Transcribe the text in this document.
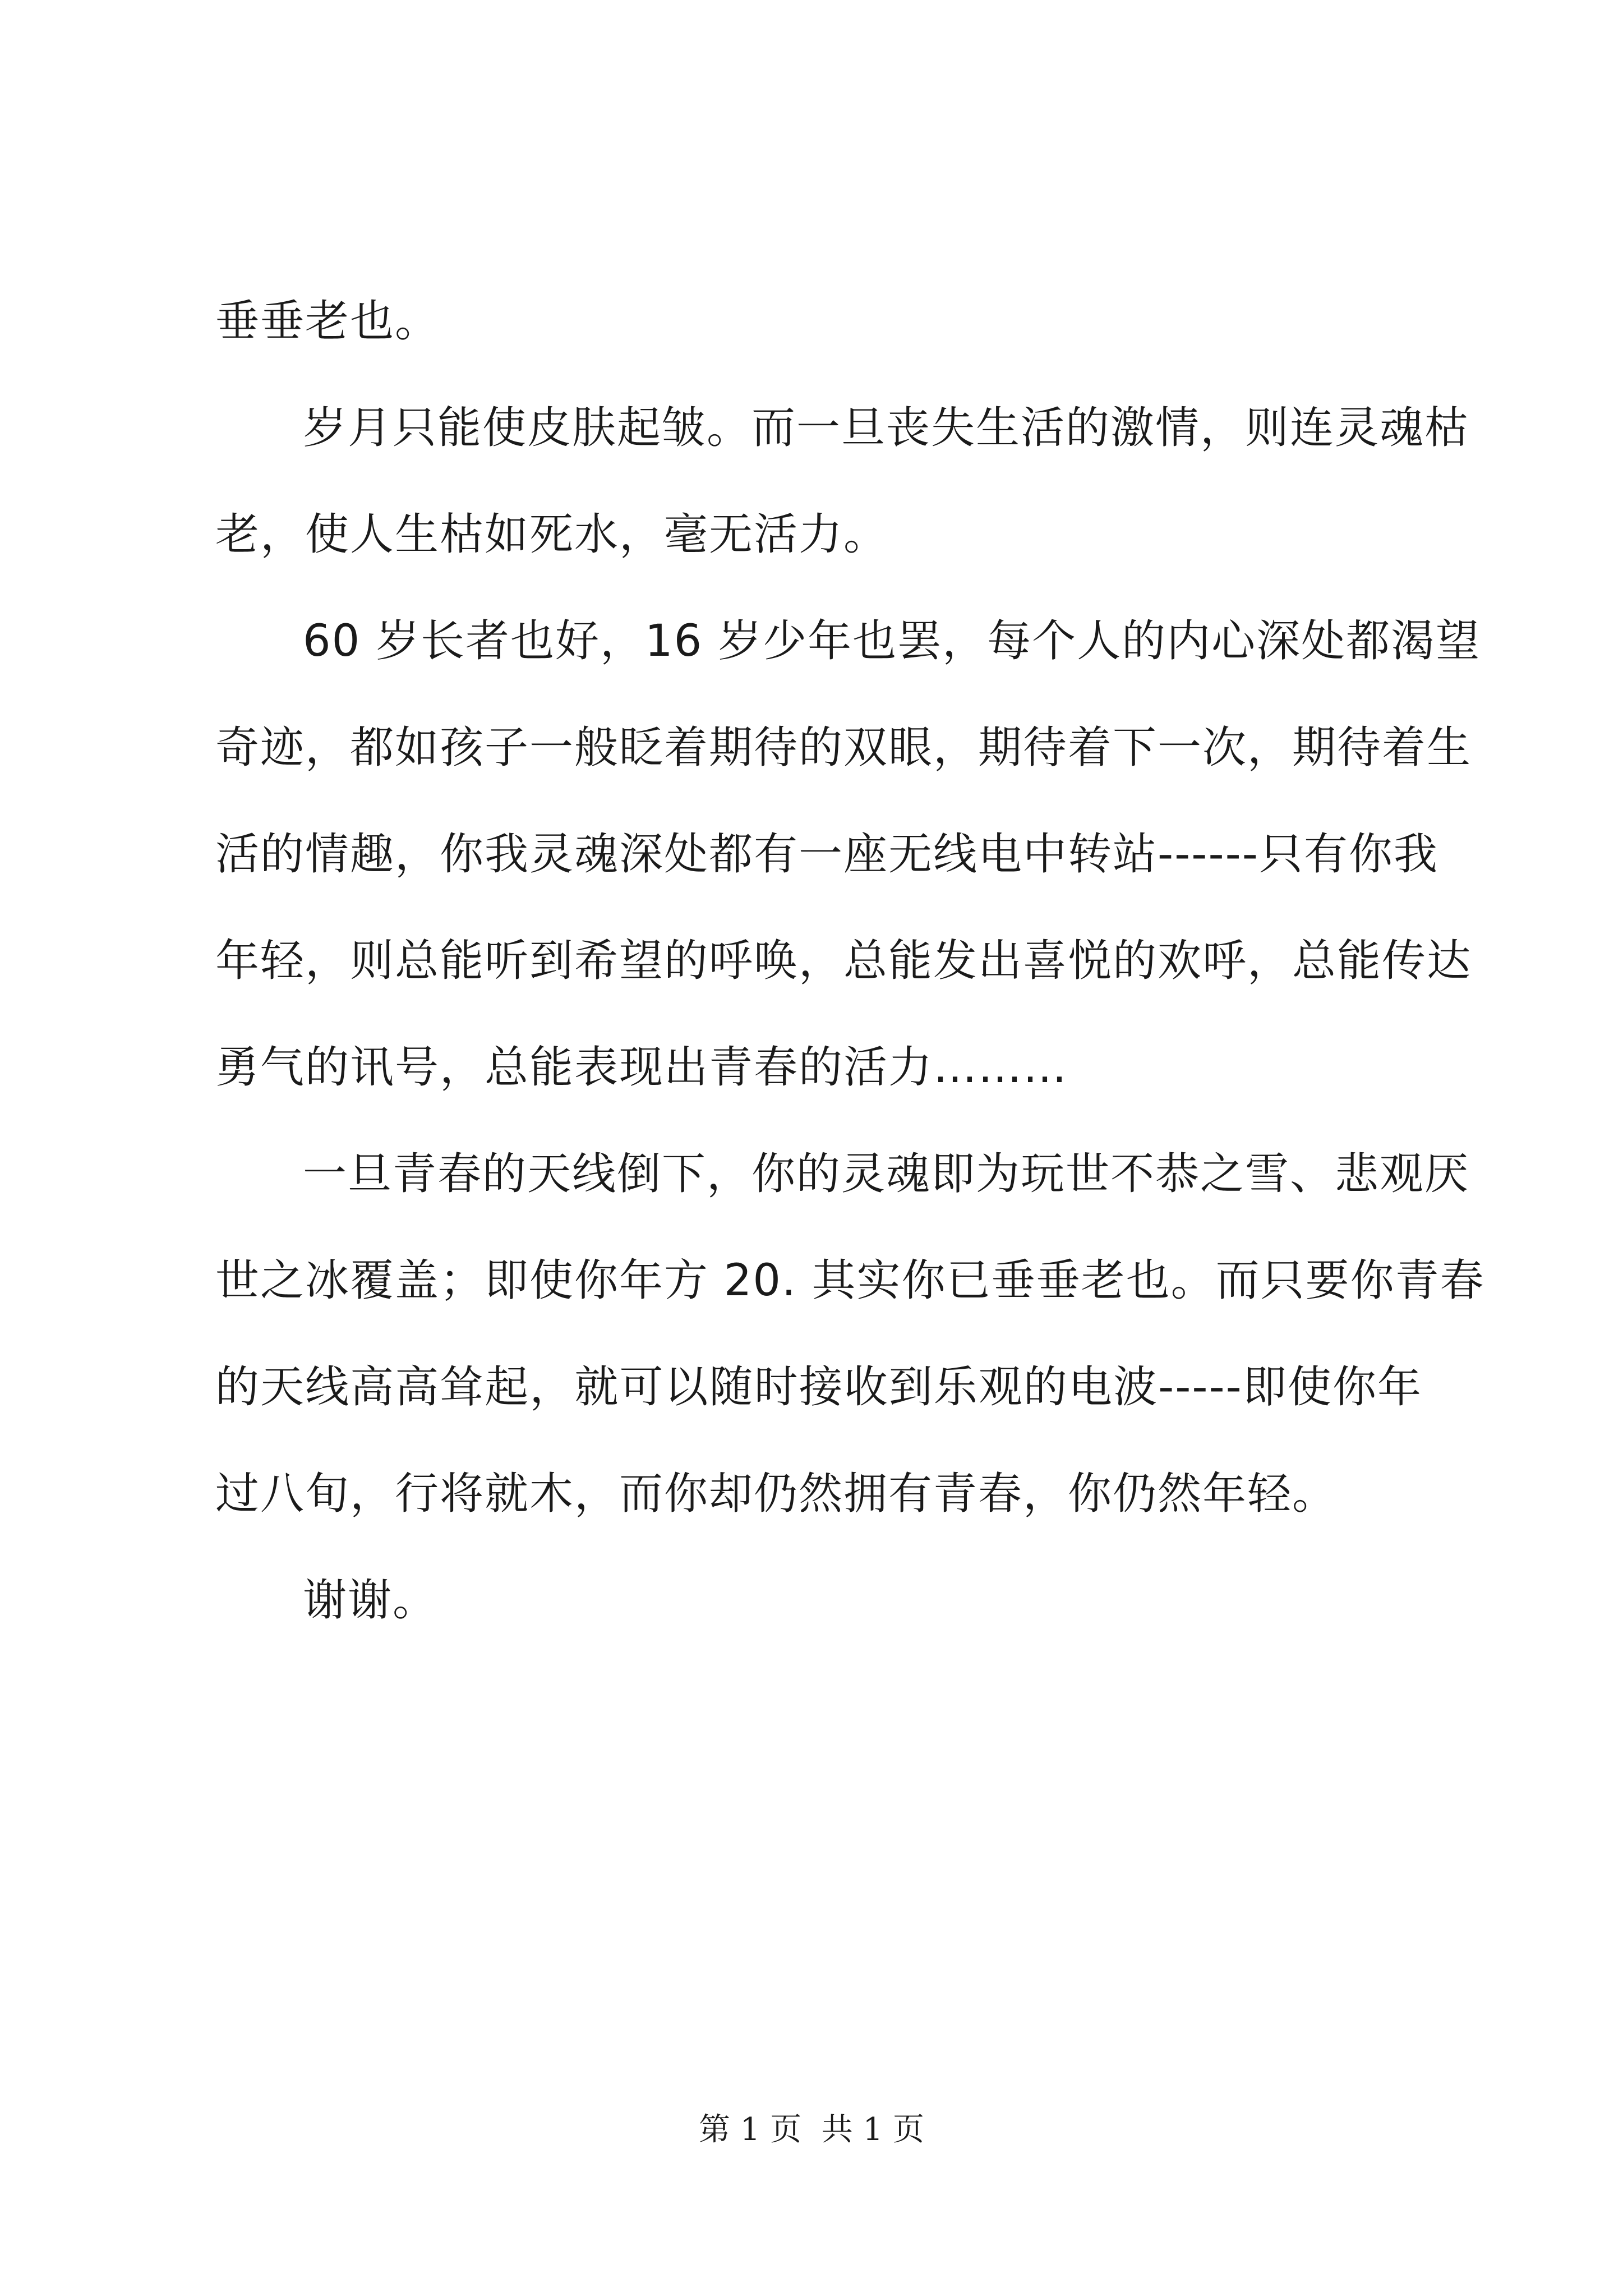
垂垂老也。
岁月只能使皮肤起皱。而一旦丧失生活的激情，则连灵魂枯
老，使人生枯如死水，毫无活力。
60 岁长者也好，16 岁少年也罢，每个人的内心深处都渴望
奇迹，都如孩子一般眨着期待的双眼，期待着下一次，期待着生
活的情趣，你我灵魂深处都有一座无线电中转站------只有你我
年轻，则总能听到希望的呼唤，总能发出喜悦的欢呼，总能传达
勇气的讯号，总能表现出青春的活力………
一旦青春的天线倒下，你的灵魂即为玩世不恭之雪、悲观厌
世之冰覆盖；即使你年方 20. 其实你已垂垂老也。而只要你青春
的天线高高耸起，就可以随时接收到乐观的电波-----即使你年
过八旬，行将就木，而你却仍然拥有青春，你仍然年轻。
谢谢。
第 1 页  共 1 页
